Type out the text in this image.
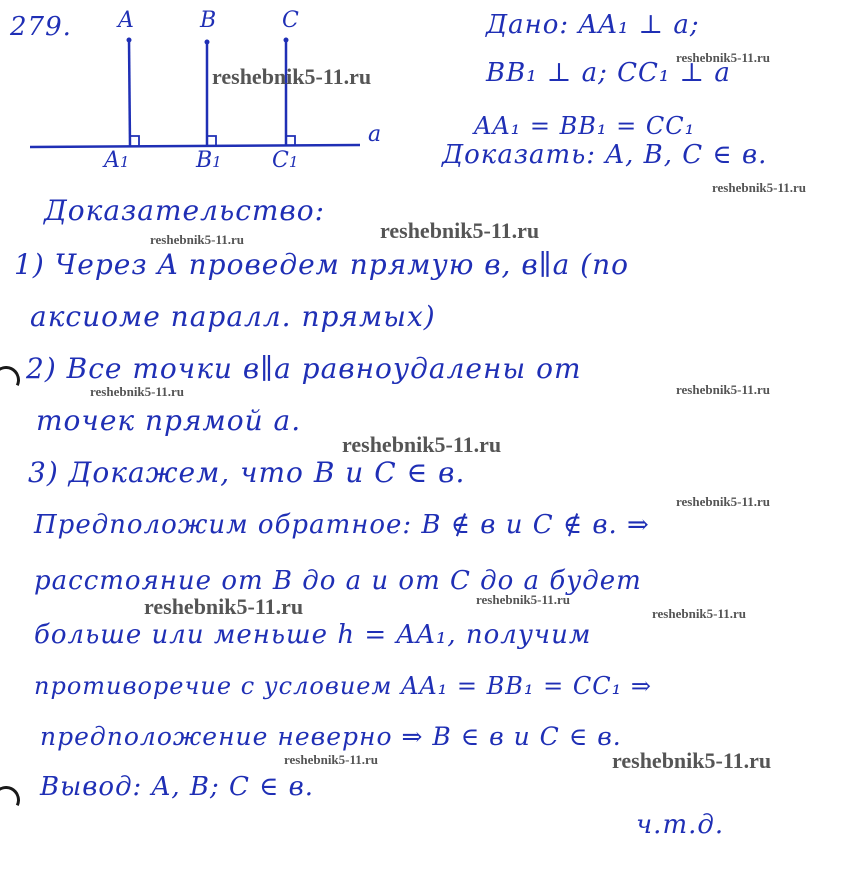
279. A	B	C
A1	B1 C1
a
Дано: AA₁ ⊥ a;
BB₁ ⊥ a; CC₁ ⊥ a
AA₁ = BB₁ = CC₁
Доказать: A, B, C ∈ в.
Доказательство:
1) Через A проведем прямую в, в∥a (по
аксиоме паралл. прямых)
2) Все точки в∥a равноудалены от
точек прямой a.
3) Докажем, что B и C ∈ в.
Предположим обратное: B ∉ в и C ∉ в. ⇒
расстояние от B до a и от C до a будет
больше или меньше h = AA₁, получим
противоречие с условием AA₁ = BB₁ = CC₁ ⇒
предположение неверно ⇒ B ∈ в и C ∈ в.
Вывод: A, B; C ∈ в.
ч.т.д.
reshebnik5-11.ru
reshebnik5-11.ru
reshebnik5-11.ru
reshebnik5-11.ru
reshebnik5-11.ru
reshebnik5-11.ru
reshebnik5-11.ru
reshebnik5-11.ru
reshebnik5-11.ru
reshebnik5-11.ru	reshebnik5-11.ru
reshebnik5-11.ru
reshebnik5-11.ru	reshebnik5-11.ru
